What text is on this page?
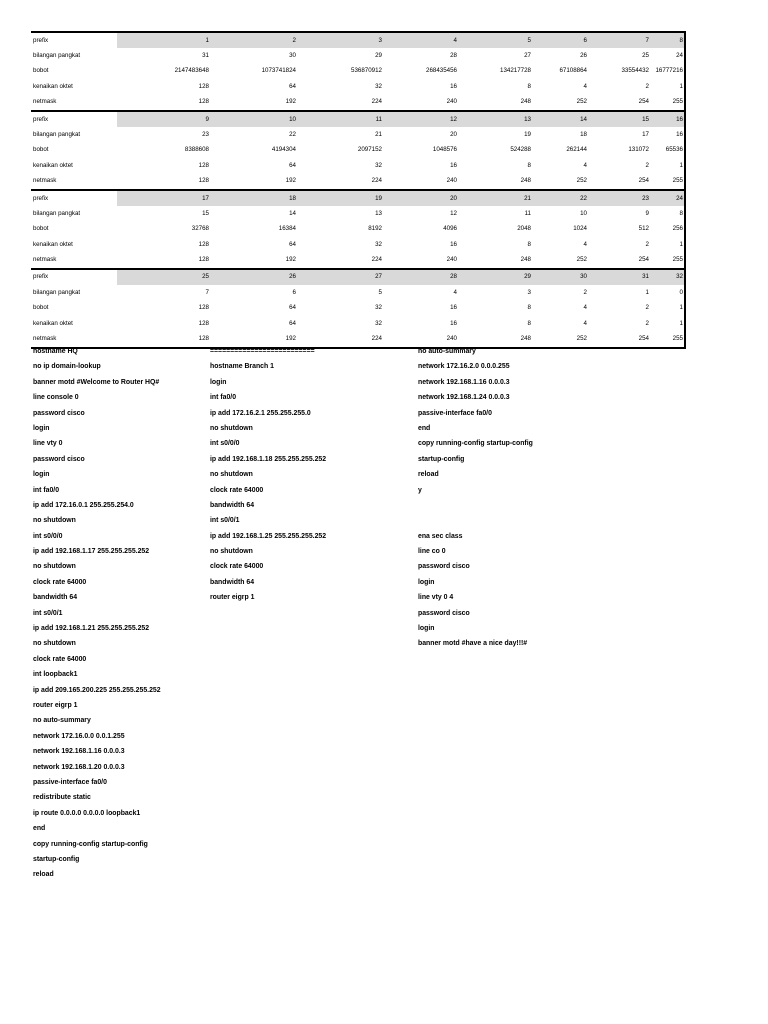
prefix	1	2	3	4	5	6	7	8
bilangan pangkat	31	30	29	28	27	26	25	24
bobot	2147483648	1073741824	536870912	268435456	134217728	67108864	33554432	16777216
kenaikan oktet	128	64	32	16	8	4	2	1
netmask	128	192	224	240	248	252	254	255
prefix	9	10	11	12	13	14	15	16
bilangan pangkat	23	22	21	20	19	18	17	16
bobot	8388608	4194304	2097152	1048576	524288	262144	131072	65536
kenaikan oktet	128	64	32	16	8	4	2	1
netmask	128	192	224	240	248	252	254	255
prefix	17	18	19	20	21	22	23	24
bilangan pangkat	15	14	13	12	11	10	9	8
bobot	32768	16384	8192	4096	2048	1024	512	256
kenaikan oktet	128	64	32	16	8	4	2	1
netmask	128	192	224	240	248	252	254	255
prefix	25	26	27	28	29	30	31	32
bilangan pangkat	7	6	5	4	3	2	1	0
bobot	128	64	32	16	8	4	2	1
kenaikan oktet	128	64	32	16	8	4	2	1
netmask	128	192	224	240	248	252	254	255
hostname HQ
no ip domain-lookup
banner motd #Welcome to Router HQ#
line console 0
password cisco
login
line vty 0
password cisco
login
int fa0/0
ip add 172.16.0.1 255.255.254.0
no shutdown
int s0/0/0
ip add 192.168.1.17 255.255.255.252
no shutdown
clock rate 64000
bandwidth 64
int s0/0/1
ip add 192.168.1.21 255.255.255.252
no shutdown
clock rate 64000
int loopback1
ip add 209.165.200.225 255.255.255.252
router eigrp 1
no auto-summary
network 172.16.0.0 0.0.1.255
network 192.168.1.16 0.0.0.3
network 192.168.1.20 0.0.0.3
passive-interface fa0/0
redistribute static
ip route 0.0.0.0 0.0.0.0 loopback1
end
copy running-config startup-config
startup-config
reload
==========================
hostname Branch 1
login
int fa0/0
ip add 172.16.2.1 255.255.255.0
no shutdown
int s0/0/0
ip add 192.168.1.18 255.255.255.252
no shutdown
clock rate 64000
bandwidth 64
int s0/0/1
ip add 192.168.1.25 255.255.255.252
no shutdown
clock rate 64000
bandwidth 64
router eigrp 1
no auto-summary
network 172.16.2.0 0.0.0.255
network 192.168.1.16 0.0.0.3
network 192.168.1.24 0.0.0.3
passive-interface fa0/0
end
copy running-config startup-config
startup-config
reload
y
ena sec class
line co 0
password cisco
login
line vty 0 4
password cisco
login
banner motd #have a nice day!!!#
